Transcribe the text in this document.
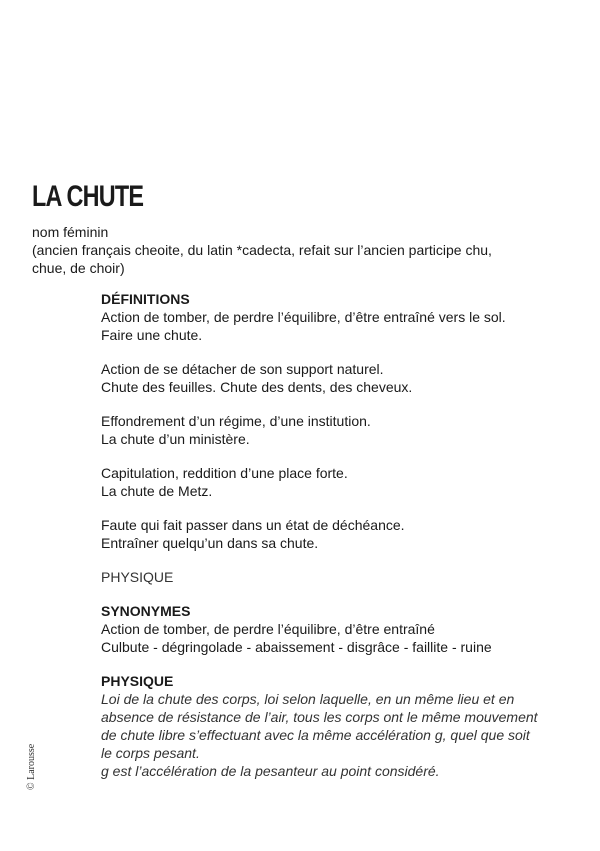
LA CHUTE
nom féminin
(ancien français cheoite, du latin *cadecta, refait sur l’ancien participe chu,
chue, de choir)
DÉFINITIONS
Action de tomber, de perdre l’équilibre, d’être entraîné vers le sol.
Faire une chute.
Action de se détacher de son support naturel.
Chute des feuilles. Chute des dents, des cheveux.
Effondrement d’un régime, d’une institution.
La chute d’un ministère.
Capitulation, reddition d’une place forte.
La chute de Metz.
Faute qui fait passer dans un état de déchéance.
Entraîner quelqu’un dans sa chute.
PHYSIQUE
SYNONYMES
Action de tomber, de perdre l’équilibre, d’être entraîné
Culbute - dégringolade - abaissement - disgrâce - faillite - ruine
PHYSIQUE
Loi de la chute des corps, loi selon laquelle, en un même lieu et en
absence de résistance de l’air, tous les corps ont le même mouvement
de chute libre s’effectuant avec la même accélération g, quel que soit
le corps pesant.
g est l’accélération de la pesanteur au point considéré.
© Larousse
